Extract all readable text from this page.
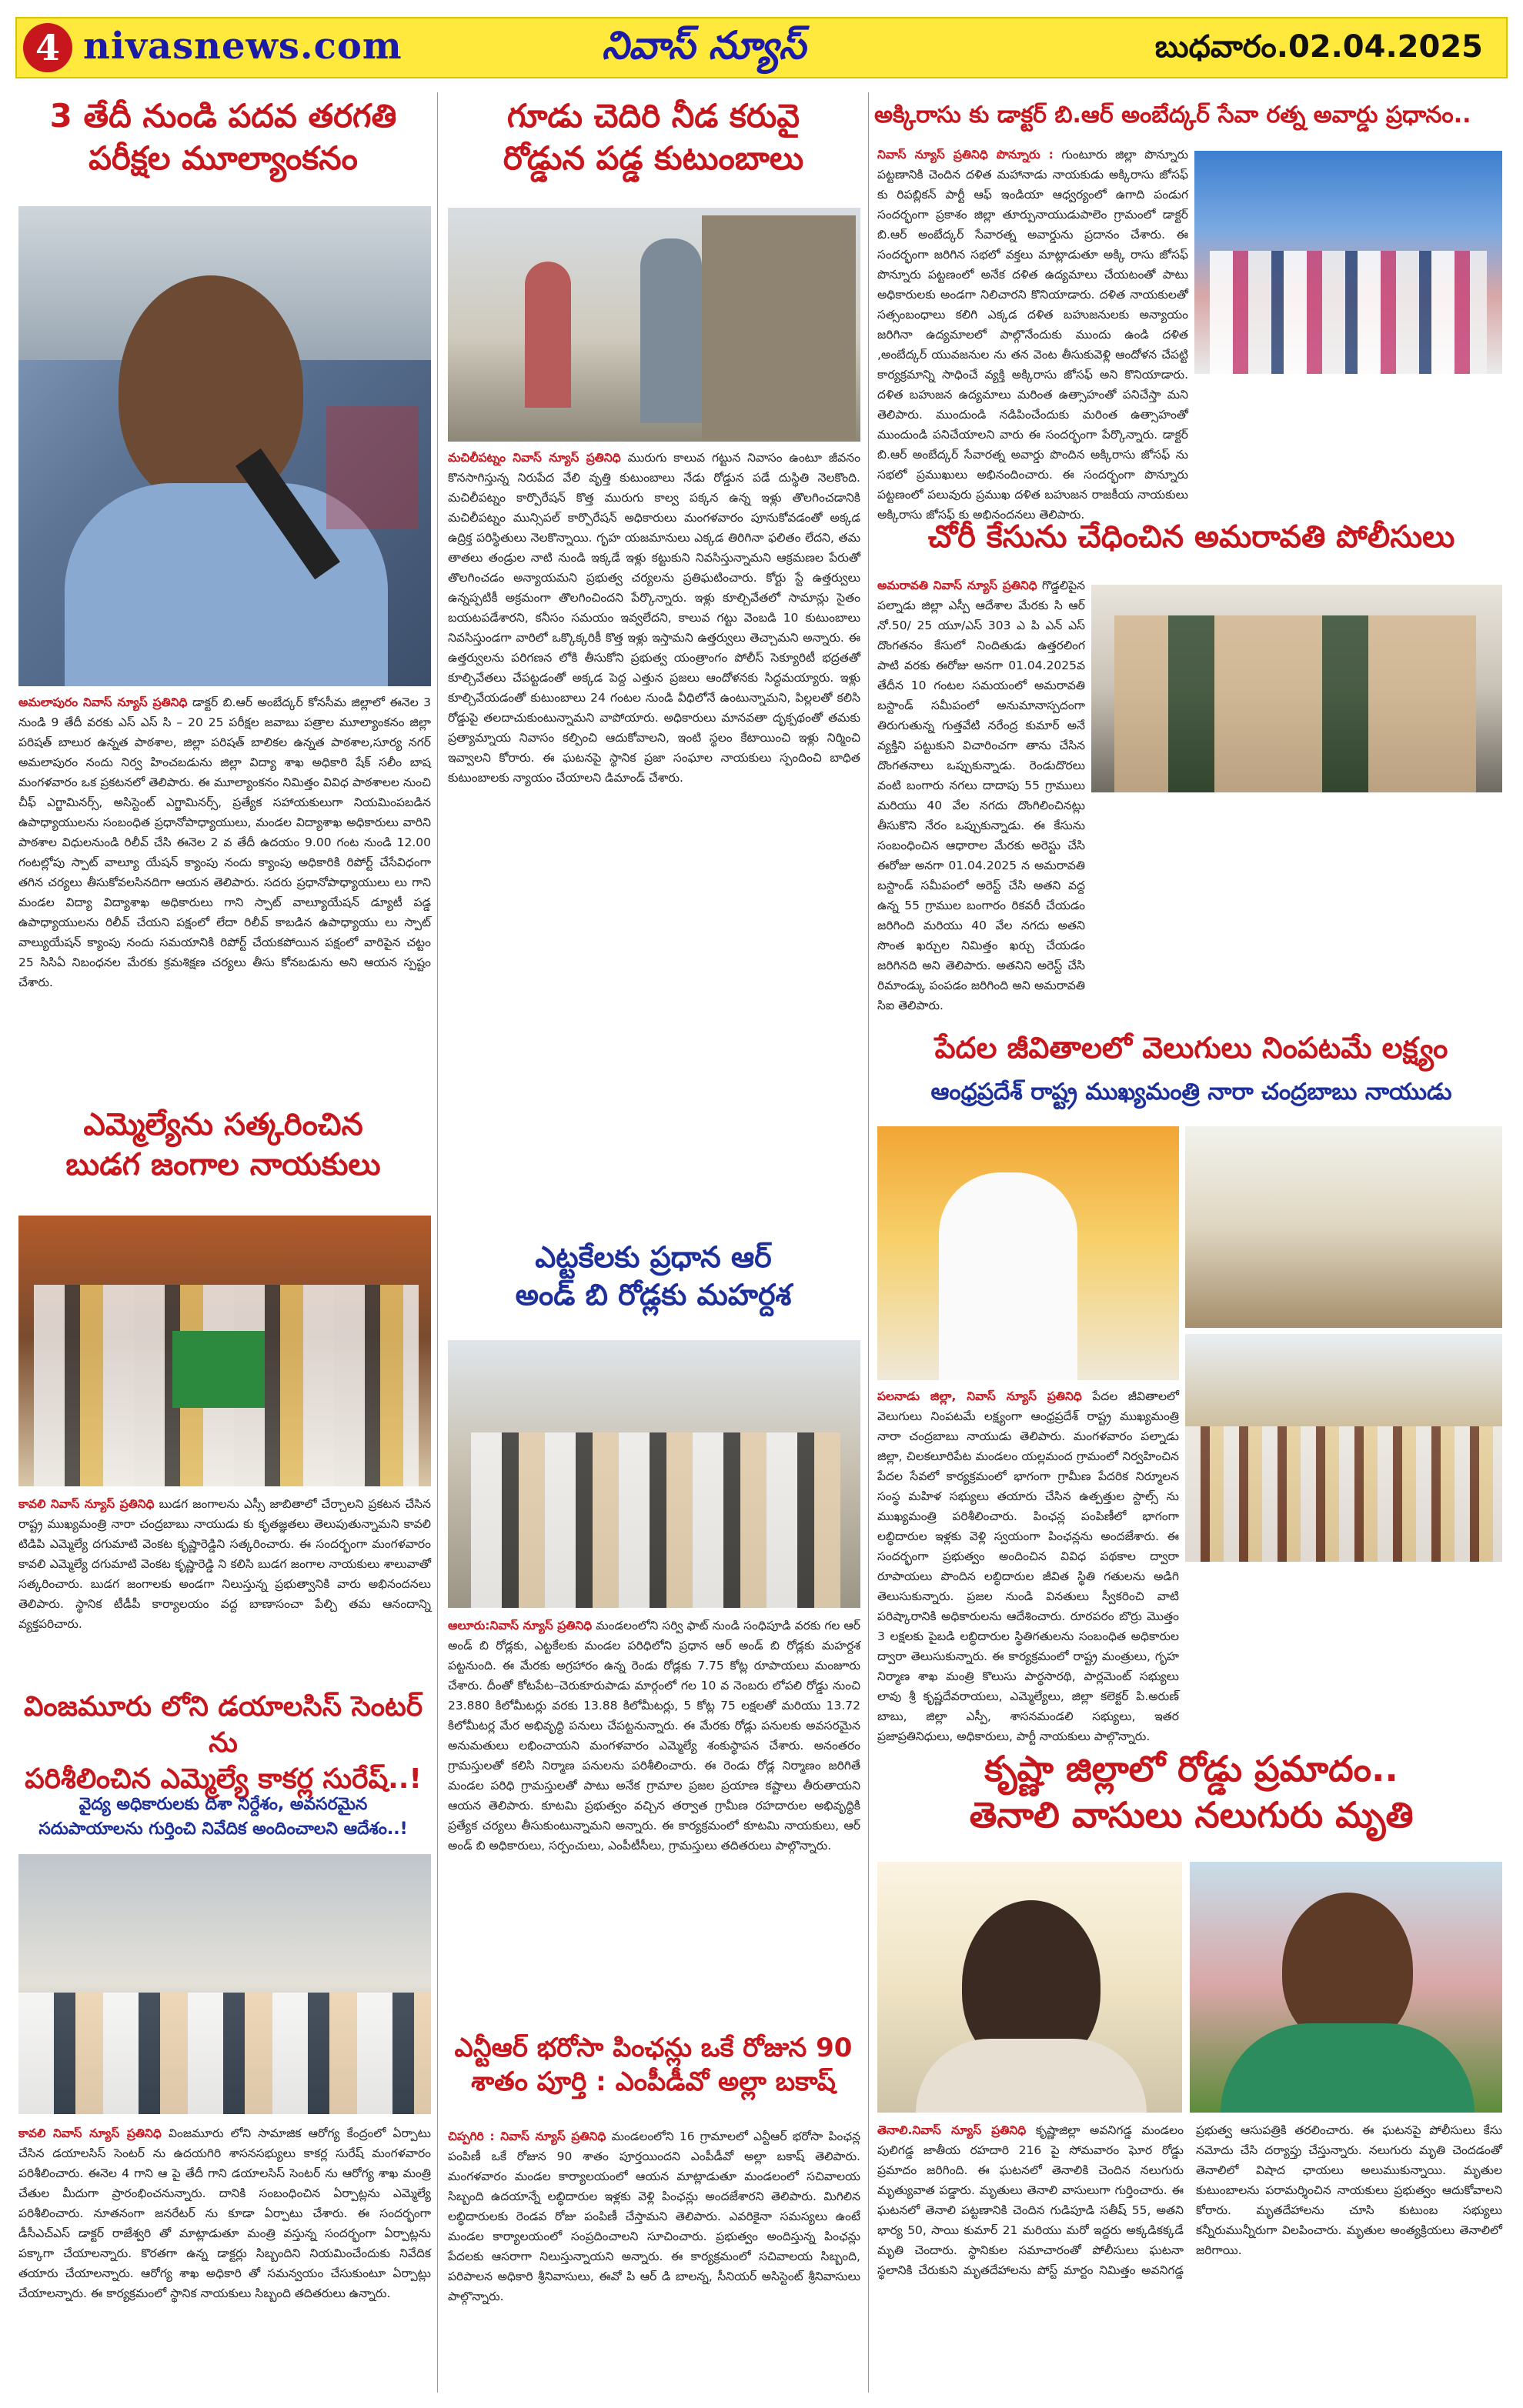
4 nivasnews.com	నివాస్ న్యూస్	బుధవారం.02.04.2025
3 తేదీ నుండి పదవ తరగతి
పరీక్షల మూల్యాంకనం
అమలాపురం నివాస్ న్యూస్ ప్రతినిధి డాక్టర్ బి.ఆర్ అంబేద్కర్ కోనసీమ జిల్లాలో ఈనెల 3 నుండి 9 తేదీ వరకు ఎస్ ఎస్ సి – 20 25 పరీక్షల జవాబు పత్రాల మూల్యాంకనం జిల్లా పరిషత్ బాలుర ఉన్నత పాఠశాల, జిల్లా పరిషత్ బాలికల ఉన్నత పాఠశాల,సూర్య నగర్ అమలాపురం నందు నిర్వ హించబడును జిల్లా విద్యా శాఖ అధికారి షేక్ సలీం బాష మంగళవారం ఒక ప్రకటనలో తెలిపారు. ఈ మూల్యాంకనం నిమిత్తం వివిధ పాఠశాలల నుంచి చీఫ్ ఎగ్జామినర్స్, అసిస్టెంట్ ఎగ్జామినర్స్, ప్రత్యేక సహాయకులుగా నియమింపబడిన ఉపాధ్యాయులను సంబంధిత ప్రధానోపాధ్యాయులు, మండల విద్యాశాఖ అధికారులు వారిని పాఠశాల విధులనుండి రిలీవ్ చేసి ఈనెల 2 వ తేదీ ఉదయం 9.00 గంట నుండి 12.00 గంటల్లోపు స్పాట్ వాల్యూ యేషన్ క్యాంపు నందు క్యాంపు అధికారికి రిపోర్ట్ చేసేవిధంగా తగిన చర్యలు తీసుకోవలసినదిగా ఆయన తెలిపారు. సదరు ప్రధానోపాధ్యాయులు లు గాని మండల విద్యా విద్యాశాఖ అధికారులు గాని స్పాట్ వాల్యూయేషన్ డ్యూటీ పడ్డ ఉపాధ్యాయులను రిలీవ్ చేయని పక్షంలో లేదా రిలీవ్ కాబడిన ఉపాధ్యాయు లు స్పాట్ వాల్యుయేషన్ క్యాంపు నందు సమయానికి రిపోర్ట్ చేయకపోయిన పక్షంలో వారిపైన చట్టం 25 సిసిఏ నిబంధనల మేరకు క్రమశిక్షణ చర్యలు తీసు కోనబడును అని ఆయన స్పష్టం చేశారు.
ఎమ్మెల్యేను సత్కరించిన
బుడగ జంగాల నాయకులు
కావలి నివాస్ న్యూస్ ప్రతినిధి బుడగ జంగాలను ఎస్సీ జాబితాలో చేర్చాలని ప్రకటన చేసిన రాష్ట్ర ముఖ్యమంత్రి నారా చంద్రబాబు నాయుడు కు కృతజ్ఞతలు తెలుపుతున్నామని కావలి టిడిపి ఎమ్మెల్యే దగుమాటి వెంకట కృష్ణారెడ్డిని సత్కరించారు. ఈ సందర్భంగా మంగళవారం కావలి ఎమ్మెల్యే దగుమాటి వెంకట కృష్ణారెడ్డి ని కలిసి బుడగ జంగాల నాయకులు శాలువాతో సత్కరించారు. బుడగ జంగాలకు అండగా నిలుస్తున్న ప్రభుత్వానికి వారు అభినందనలు తెలిపారు. స్థానిక టీడీపీ కార్యాలయం వద్ద బాణాసంచా పేల్చి తమ ఆనందాన్ని వ్యక్తపరిచారు.
వింజమూరు లోని డయాలసిస్ సెంటర్ ను
పరిశీలించిన ఎమ్మెల్యే కాకర్ల సురేష్..!
వైద్య అధికారులకు దిశా నిర్దేశం, అవసరమైన
సదుపాయాలను గుర్తించి నివేదిక అందించాలని ఆదేశం..!
కావలి నివాస్ న్యూస్ ప్రతినిధి వింజమూరు లోని సామాజిక ఆరోగ్య కేంద్రంలో ఏర్పాటు చేసిన డయాలసిస్ సెంటర్ ను ఉదయగిరి శాసనసభ్యులు కాకర్ల సురేష్ మంగళవారం పరిశీలించారు. ఈనెల 4 గాని ఆ పై తేదీ గాని డయాలసిస్ సెంటర్ ను ఆరోగ్య శాఖ మంత్రి చేతుల మీదుగా ప్రారంభించనున్నారు. దానికి సంబంధించిన ఏర్పాట్లను ఎమ్మెల్యే పరిశీలించారు. నూతనంగా జనరేటర్ ను కూడా ఏర్పాటు చేశారు. ఈ సందర్భంగా డీసీఎచ్ఎస్ డాక్టర్ రాజేశ్వరి తో మాట్లాడుతూ మంత్రి వస్తున్న సందర్భంగా ఏర్పాట్లను పక్కాగా చేయాలన్నారు. కొరతగా ఉన్న డాక్టర్లు సిబ్బందిని నియమించేందుకు నివేదిక తయారు చేయాలన్నారు. ఆరోగ్య శాఖ అధికారి తో సమన్వయం చేసుకుంటూ ఏర్పాట్లు చేయాలన్నారు. ఈ కార్యక్రమంలో స్థానిక నాయకులు సిబ్బంది తదితరులు ఉన్నారు.
గూడు చెదిరి నీడ కరువై
రోడ్డున పడ్డ కుటుంబాలు
మచిలీపట్నం నివాస్ న్యూస్ ప్రతినిధి మురుగు కాలువ గట్టున నివాసం ఉంటూ జీవనం కొనసాగిస్తున్న నిరుపేద వేలి వృత్తి కుటుంబాలు నేడు రోడ్డున పడే దుస్థితి నెలకొంది. మచిలీపట్నం కార్పొరేషన్ కొత్త మురుగు కాల్వ పక్కన ఉన్న ఇళ్లు తొలగించడానికి మచిలీపట్నం మున్సిపల్ కార్పొరేషన్ అధికారులు మంగళవారం పూనుకోవడంతో అక్కడ ఉద్రిక్త పరిస్థితులు నెలకొన్నాయి. గృహ యజమానులు ఎక్కడ తిరిగినా ఫలితం లేదని, తమ తాతలు తండ్రుల నాటి నుండి ఇక్కడే ఇళ్లు కట్టుకుని నివసిస్తున్నామని ఆక్రమణల పేరుతో తొలగించడం అన్యాయమని ప్రభుత్వ చర్యలను ప్రతిఘటించారు. కోర్టు స్టే ఉత్తర్వులు ఉన్నప్పటికీ అక్రమంగా తొలగించిందని పేర్కొన్నారు. ఇళ్లు కూల్చివేతలో సామాన్లు సైతం బయటపడేశారని, కనీసం సమయం ఇవ్వలేదని, కాలువ గట్టు వెంబడి 10 కుటుంబాలు నివసిస్తుండగా వారిలో ఒక్కొక్కరికీ కొత్త ఇళ్లు ఇస్తామని ఉత్తర్వులు తెచ్చామని అన్నారు. ఈ ఉత్తర్వులను పరిగణన లోకి తీసుకోని ప్రభుత్వ యంత్రాంగం పోలీస్ సెక్యూరిటీ భద్రతతో కూల్చివేతలు చేపట్టడంతో అక్కడ పెద్ద ఎత్తున ప్రజలు ఆందోళనకు సిద్ధమయ్యారు. ఇళ్లు కూల్చివేయడంతో కుటుంబాలు 24 గంటల నుండి వీధిలోనే ఉంటున్నామని, పిల్లలతో కలిసి రోడ్డుపై తలదాచుకుంటున్నామని వాపోయారు. అధికారులు మానవతా దృక్పథంతో తమకు ప్రత్యామ్నాయ నివాసం కల్పించి ఆదుకోవాలని, ఇంటి స్థలం కేటాయించి ఇళ్లు నిర్మించి ఇవ్వాలని కోరారు. ఈ ఘటనపై స్థానిక ప్రజా సంఘాల నాయకులు స్పందించి బాధిత కుటుంబాలకు న్యాయం చేయాలని డిమాండ్ చేశారు.
ఎట్టకేలకు ప్రధాన ఆర్
అండ్ బి రోడ్లకు మహర్దశ
ఆలూరు:నివాస్ న్యూస్ ప్రతినిధి మండలంలోని సర్వి ఫాట్ నుండి సంధిపూడి వరకు గల ఆర్ అండ్ బి రోడ్లకు, ఎట్టకేలకు మండల పరిధిలోని ప్రధాన ఆర్ అండ్ బి రోడ్లకు మహర్దశ పట్టనుంది. ఈ మేరకు అగ్రహారం ఉన్న రెండు రోడ్లకు 7.75 కోట్ల రూపాయలు మంజూరు చేశారు. దీంతో కోటపేట–చెరుకూరుపాడు మార్గంలో గల 10 వ నెంబరు లోపలి రోడ్డు నుంచి 23.880 కిలోమీటర్లు వరకు 13.88 కిలోమీటర్లు, 5 కోట్ల 75 లక్షలతో మరియు 13.72 కిలోమీటర్ల మేర అభివృద్ధి పనులు చేపట్టనున్నారు. ఈ మేరకు రోడ్లు పనులకు అవసరమైన అనుమతులు లభించాయని మంగళవారం ఎమ్మెల్యే శంకుస్థాపన చేశారు. అనంతరం గ్రామస్తులతో కలిసి నిర్మాణ పనులను పరిశీలించారు. ఈ రెండు రోడ్ల నిర్మాణం జరిగితే మండల పరిధి గ్రామస్తులతో పాటు అనేక గ్రామాల ప్రజల ప్రయాణ కష్టాలు తీరుతాయని ఆయన తెలిపారు. కూటమి ప్రభుత్వం వచ్చిన తర్వాత గ్రామీణ రహదారుల అభివృద్ధికి ప్రత్యేక చర్యలు తీసుకుంటున్నామని అన్నారు. ఈ కార్యక్రమంలో కూటమి నాయకులు, ఆర్ అండ్ బి అధికారులు, సర్పంచులు, ఎంపీటీసీలు, గ్రామస్తులు తదితరులు పాల్గొన్నారు.
ఎన్టీఆర్ భరోసా పింఛన్లు ఒకే రోజున 90
శాతం పూర్తి : ఎంపీడీవో అల్లా బకాష్
చిప్పగిరి : నివాస్ న్యూస్ ప్రతినిధి మండలంలోని 16 గ్రామాలలో ఎన్టీఆర్ భరోసా పింఛన్ల పంపిణీ ఒకే రోజున 90 శాతం పూర్తయిందని ఎంపీడీవో అల్లా బకాష్ తెలిపారు. మంగళవారం మండల కార్యాలయంలో ఆయన మాట్లాడుతూ మండలంలో సచివాలయ సిబ్బంది ఉదయాన్నే లబ్ధిదారుల ఇళ్లకు వెళ్లి పింఛన్లు అందజేశారని తెలిపారు. మిగిలిన లబ్ధిదారులకు రెండవ రోజు పంపిణీ చేస్తామని తెలిపారు. ఎవరికైనా సమస్యలు ఉంటే మండల కార్యాలయంలో సంప్రదించాలని సూచించారు. ప్రభుత్వం అందిస్తున్న పింఛన్లు పేదలకు ఆసరాగా నిలుస్తున్నాయని అన్నారు. ఈ కార్యక్రమంలో సచివాలయ సిబ్బంది, పరిపాలన అధికారి శ్రీనివాసులు, ఈవో పి ఆర్ డి బాలన్న, సీనియర్ అసిస్టెంట్ శ్రీనివాసులు పాల్గొన్నారు.
అక్కిరాసు కు డాక్టర్ బి.ఆర్ అంబేద్కర్ సేవా రత్న అవార్డు ప్రధానం..
నివాస్ న్యూస్ ప్రతినిధి పొన్నూరు : గుంటూరు జిల్లా పొన్నూరు పట్టణానికి చెందిన దళిత మహానాడు నాయకుడు అక్కిరాసు జోసఫ్ కు రిపబ్లికన్ పార్టీ ఆఫ్ ఇండియా ఆధ్వర్యంలో ఉగాది పండుగ సందర్భంగా ప్రకాశం జిల్లా తూర్పునాయుడుపాలెం గ్రామంలో డాక్టర్ బి.ఆర్ అంబేద్కర్ సేవారత్న అవార్డును ప్రదానం చేశారు. ఈ సందర్భంగా జరిగిన సభలో వక్తలు మాట్లాడుతూ అక్కి రాసు జోసఫ్ పొన్నూరు పట్టణంలో అనేక దళిత ఉద్యమాలు చేయటంతో పాటు అధికారులకు అండగా నిలిచారని కొనియాడారు. దళిత నాయకులతో సత్సంబంధాలు కలిగి ఎక్కడ దళిత బహుజనులకు అన్యాయం జరిగినా ఉద్యమాలలో పాల్గొనేందుకు ముందు ఉండి దళిత ,అంబేద్కర్ యువజనుల ను తన వెంట తీసుకువెళ్లి ఆందోళన చేపట్టి కార్యక్రమాన్ని సాధించే వ్యక్తి అక్కిరాసు జోసఫ్ అని కొనియాడారు. దళిత బహుజన ఉద్యమాలు మరింత ఉత్సాహంతో పనిచేస్తా మని తెలిపారు. ముందుండి నడిపించేందుకు మరింత ఉత్సాహంతో ముందుండి పనిచేయాలని వారు ఈ సందర్భంగా పేర్కొన్నారు. డాక్టర్ బి.ఆర్ అంబేద్కర్ సేవారత్న అవార్డు పొందిన అక్కిరాసు జోసఫ్ ను సభలో ప్రముఖులు అభినందించారు. ఈ సందర్భంగా పొన్నూరు పట్టణంలో పలువురు ప్రముఖ దళిత బహుజన రాజకీయ నాయకులు అక్కిరాసు జోసఫ్ కు అభినందనలు తెలిపారు.
చోరీ కేసును చేధించిన అమరావతి పోలీసులు
అమరావతి నివాస్ న్యూస్ ప్రతినిధి గొడ్డలిపైన పల్నాడు జిల్లా ఎస్పీ ఆదేశాల మేరకు సి ఆర్ నో.50/ 25 యూ/ఎస్ 303 ఎ పి ఎన్ ఎస్ దొంగతనం కేసులో నిందితుడు ఉత్తరలింగ పాటి వరకు ఈరోజు అనగా 01.04.2025వ తేదీన 10 గంటల సమయంలో అమరావతి బస్టాండ్ సమీపంలో అనుమానాస్పదంగా తిరుగుతున్న గుత్తవేటి నరేంద్ర కుమార్ అనే వ్యక్తిని పట్టుకుని విచారించగా తాను చేసిన దొంగతనాలు ఒప్పుకున్నాడు. రెండుదొరలు వంటి బంగారు నగలు దాదాపు 55 గ్రాములు మరియు 40 వేల నగదు దొంగిలించినట్లు తీసుకొని నేరం ఒప్పుకున్నాడు. ఈ కేసును సంబంధించిన ఆధారాల మేరకు అరెస్టు చేసి ఈరోజు అనగా 01.04.2025 న అమరావతి బస్టాండ్ సమీపంలో అరెస్ట్ చేసి అతని వద్ద ఉన్న 55 గ్రాముల బంగారం రికవరీ చేయడం జరిగింది మరియు 40 వేల నగదు అతని సొంత ఖర్చుల నిమిత్తం ఖర్చు చేయడం జరిగినది అని తెలిపారు. అతనిని అరెస్ట్ చేసి రిమాండ్కు పంపడం జరిగింది అని అమరావతి సిఐ తెలిపారు.
పేదల జీవితాలలో వెలుగులు నింపటమే లక్ష్యం
ఆంధ్రప్రదేశ్ రాష్ట్ర ముఖ్యమంత్రి నారా చంద్రబాబు నాయుడు
పలనాడు జిల్లా, నివాస్ న్యూస్ ప్రతినిధి పేదల జీవితాలలో వెలుగులు నింపటమే లక్ష్యంగా ఆంధ్రప్రదేశ్ రాష్ట్ర ముఖ్యమంత్రి నారా చంద్రబాబు నాయుడు తెలిపారు. మంగళవారం పల్నాడు జిల్లా, చిలకలూరిపేట మండలం యల్లమంద గ్రామంలో నిర్వహించిన పేదల సేవలో కార్యక్రమంలో భాగంగా గ్రామీణ పేదరిక నిర్మూలన సంస్థ మహిళ సభ్యులు తయారు చేసిన ఉత్పత్తుల స్టాల్స్ ను ముఖ్యమంత్రి పరిశీలించారు. పింఛన్ల పంపిణీలో భాగంగా లబ్ధిదారుల ఇళ్లకు వెళ్లి స్వయంగా పింఛన్లను అందజేశారు. ఈ సందర్భంగా ప్రభుత్వం అందించిన వివిధ పథకాల ద్వారా రూపాయలు పొందిన లబ్ధిదారుల జీవిత స్థితి గతులను అడిగి తెలుసుకున్నారు. ప్రజల నుండి వినతులు స్వీకరించి వాటి పరిష్కారానికి అధికారులను ఆదేశించారు. రూరపరం బొర్రు మొత్తం 3 లక్షలకు పైబడి లబ్ధిదారుల స్థితిగతులను సంబంధిత అధికారుల ద్వారా తెలుసుకున్నారు. ఈ కార్యక్రమంలో రాష్ట్ర మంత్రులు, గృహ నిర్మాణ శాఖ మంత్రి కొలుసు పార్థసారథి, పార్లమెంట్ సభ్యులు లావు శ్రీ కృష్ణదేవరాయలు, ఎమ్మెల్యేలు, జిల్లా కలెక్టర్ పి.అరుణ్ బాబు, జిల్లా ఎస్పీ, శాసనమండలి సభ్యులు, ఇతర ప్రజాప్రతినిధులు, అధికారులు, పార్టీ నాయకులు పాల్గొన్నారు.
కృష్ణా జిల్లాలో రోడ్డు ప్రమాదం..
తెనాలి వాసులు నలుగురు మృతి
తెనాలి.నివాస్ న్యూస్ ప్రతినిధి కృష్ణాజిల్లా అవనిగడ్డ మండలం పులిగడ్డ జాతీయ రహదారి 216 పై సోమవారం ఘోర రోడ్డు ప్రమాదం జరిగింది. ఈ ఘటనలో తెనాలికి చెందిన నలుగురు మృత్యువాత పడ్డారు. మృతులు తెనాలి వాసులుగా గుర్తించారు. ఈ ఘటనలో తెనాలి పట్టణానికి చెందిన గుడిపూడి సతీష్ 55, అతని భార్య 50, సాయి కుమార్ 21 మరియు మరో ఇద్దరు అక్కడికక్కడే మృతి చెందారు. స్థానికుల సమాచారంతో పోలీసులు ఘటనా స్థలానికి చేరుకుని మృతదేహాలను పోస్ట్ మార్టం నిమిత్తం అవనిగడ్డ ప్రభుత్వ ఆసుపత్రికి తరలించారు. ఈ ఘటనపై పోలీసులు కేసు నమోదు చేసి దర్యాప్తు చేస్తున్నారు. నలుగురు మృతి చెందడంతో తెనాలిలో విషాద ఛాయలు అలుముకున్నాయి. మృతుల కుటుంబాలను పరామర్శించిన నాయకులు ప్రభుత్వం ఆదుకోవాలని కోరారు. మృతదేహాలను చూసి కుటుంబ సభ్యులు కన్నీరుమున్నీరుగా విలపించారు. మృతుల అంత్యక్రియలు తెనాలిలో జరిగాయి.
